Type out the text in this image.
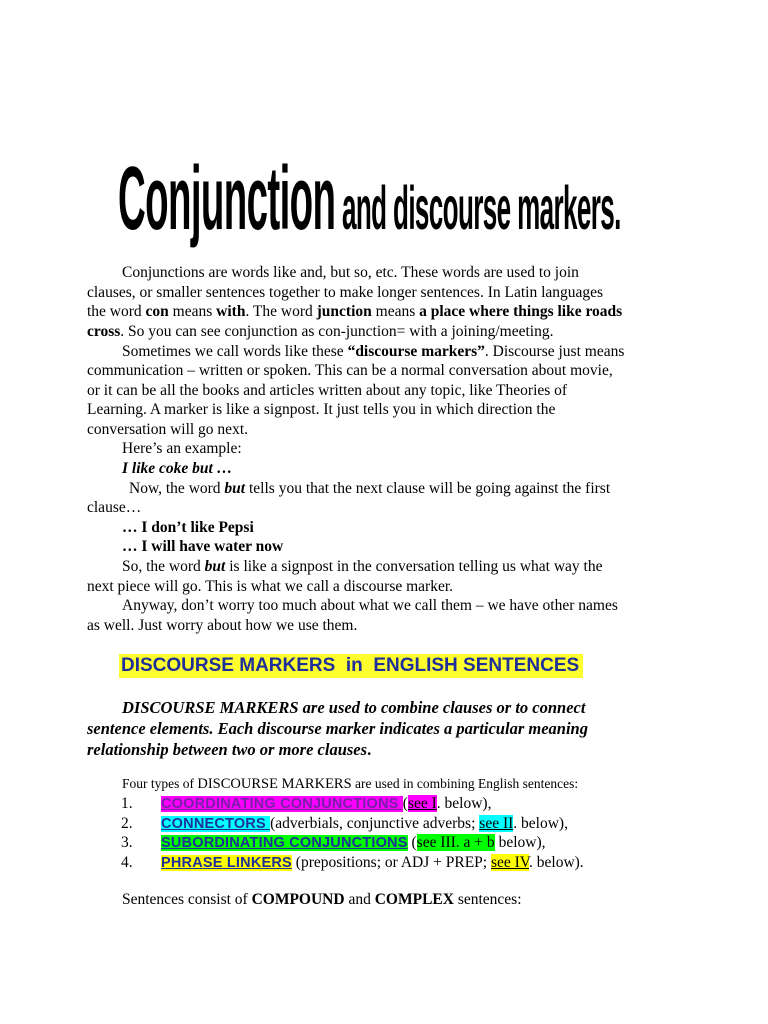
Conjunction and discourse markers.
Conjunctions are words like and, but so, etc. These words are used to join
clauses, or smaller sentences together to make longer sentences. In Latin languages
the word con means with. The word junction means a place where things like roads
cross. So you can see conjunction as con-junction= with a joining/meeting.
Sometimes we call words like these “discourse markers”. Discourse just means
communication – written or spoken. This can be a normal conversation about movie,
or it can be all the books and articles written about any topic, like Theories of
Learning. A marker is like a signpost. It just tells you in which direction the
conversation will go next.
Here’s an example:
I like coke but …
Now, the word but tells you that the next clause will be going against the first
clause…
… I don’t like Pepsi
… I will have water now
So, the word but is like a signpost in the conversation telling us what way the
next piece will go. This is what we call a discourse marker.
Anyway, don’t worry too much about what we call them – we have other names
as well. Just worry about how we use them.
DISCOURSE MARKERS in ENGLISH SENTENCES
DISCOURSE MARKERS are used to combine clauses or to connect
sentence elements. Each discourse marker indicates a particular meaning
relationship between two or more clauses.
Four types of DISCOURSE MARKERS are used in combining English sentences:
1. COORDINATING CONJUNCTIONS (see I. below),
2. CONNECTORS (adverbials, conjunctive adverbs; see II. below),
3. SUBORDINATING CONJUNCTIONS (see III. a + b below),
4. PHRASE LINKERS (prepositions; or ADJ + PREP; see IV. below).
Sentences consist of COMPOUND and COMPLEX sentences:
